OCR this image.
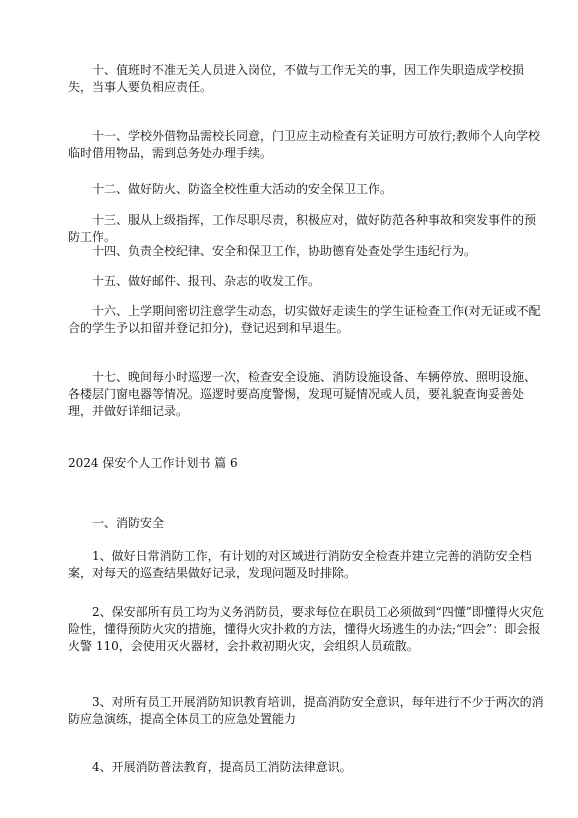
十、值班时不准无关人员进入岗位，不做与工作无关的事，因工作失职造成学校损失，当事人要负相应责任。

十一、学校外借物品需校长同意，门卫应主动检查有关证明方可放行;教师个人向学校临时借用物品，需到总务处办理手续。

十二、做好防火、防盗全校性重大活动的安全保卫工作。

十三、服从上级指挥，工作尽职尽责，积极应对，做好防范各种事故和突发事件的预防工作。

十四、负责全校纪律、安全和保卫工作，协助德育处查处学生违纪行为。

十五、做好邮件、报刊、杂志的收发工作。

十六、上学期间密切注意学生动态，切实做好走读生的学生证检查工作(对无证或不配合的学生予以扣留并登记扣分)，登记迟到和早退生。

十七、晚间每小时巡逻一次，检查安全设施、消防设施设备、车辆停放、照明设施、各楼层门窗电器等情况。巡逻时要高度警惕，发现可疑情况或人员，要礼貌查询妥善处理，并做好详细记录。

2024 保安个人工作计划书 篇 6

一、消防安全

1、做好日常消防工作，有计划的对区域进行消防安全检查并建立完善的消防安全档案，对每天的巡查结果做好记录，发现问题及时排除。

2、保安部所有员工均为义务消防员，要求每位在职员工必须做到“四懂”即懂得火灾危险性，懂得预防火灾的措施，懂得火灾扑救的方法，懂得火场逃生的办法;“四会”：即会报火警 110，会使用灭火器材，会扑救初期火灾，会组织人员疏散。

3、对所有员工开展消防知识教育培训，提高消防安全意识，每年进行不少于两次的消防应急演练，提高全体员工的应急处置能力

4、开展消防普法教育，提高员工消防法律意识。
